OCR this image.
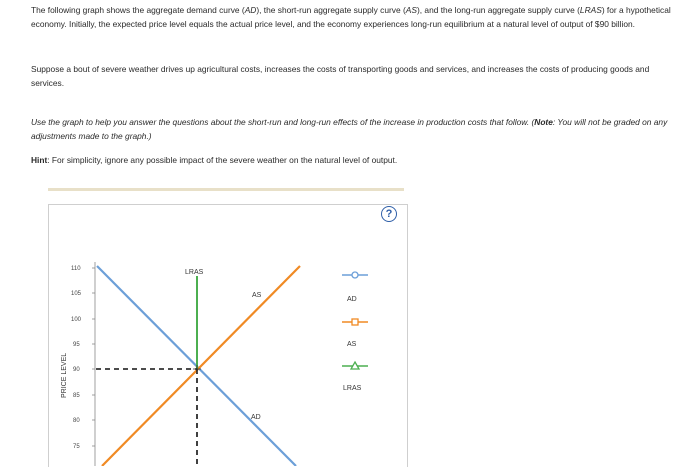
The following graph shows the aggregate demand curve (AD), the short-run aggregate supply curve (AS), and the long-run aggregate supply curve (LRAS) for a hypothetical economy. Initially, the expected price level equals the actual price level, and the economy experiences long-run equilibrium at a natural level of output of $90 billion.
Suppose a bout of severe weather drives up agricultural costs, increases the costs of transporting goods and services, and increases the costs of producing goods and services.
Use the graph to help you answer the questions about the short-run and long-run effects of the increase in production costs that follow. (Note: You will not be graded on any adjustments made to the graph.)
Hint: For simplicity, ignore any possible impact of the severe weather on the natural level of output.
?
110
105
100
95
90
85
80
75
PRICE LEVEL
LRAS
AS
AD
AD
AS
LRAS
